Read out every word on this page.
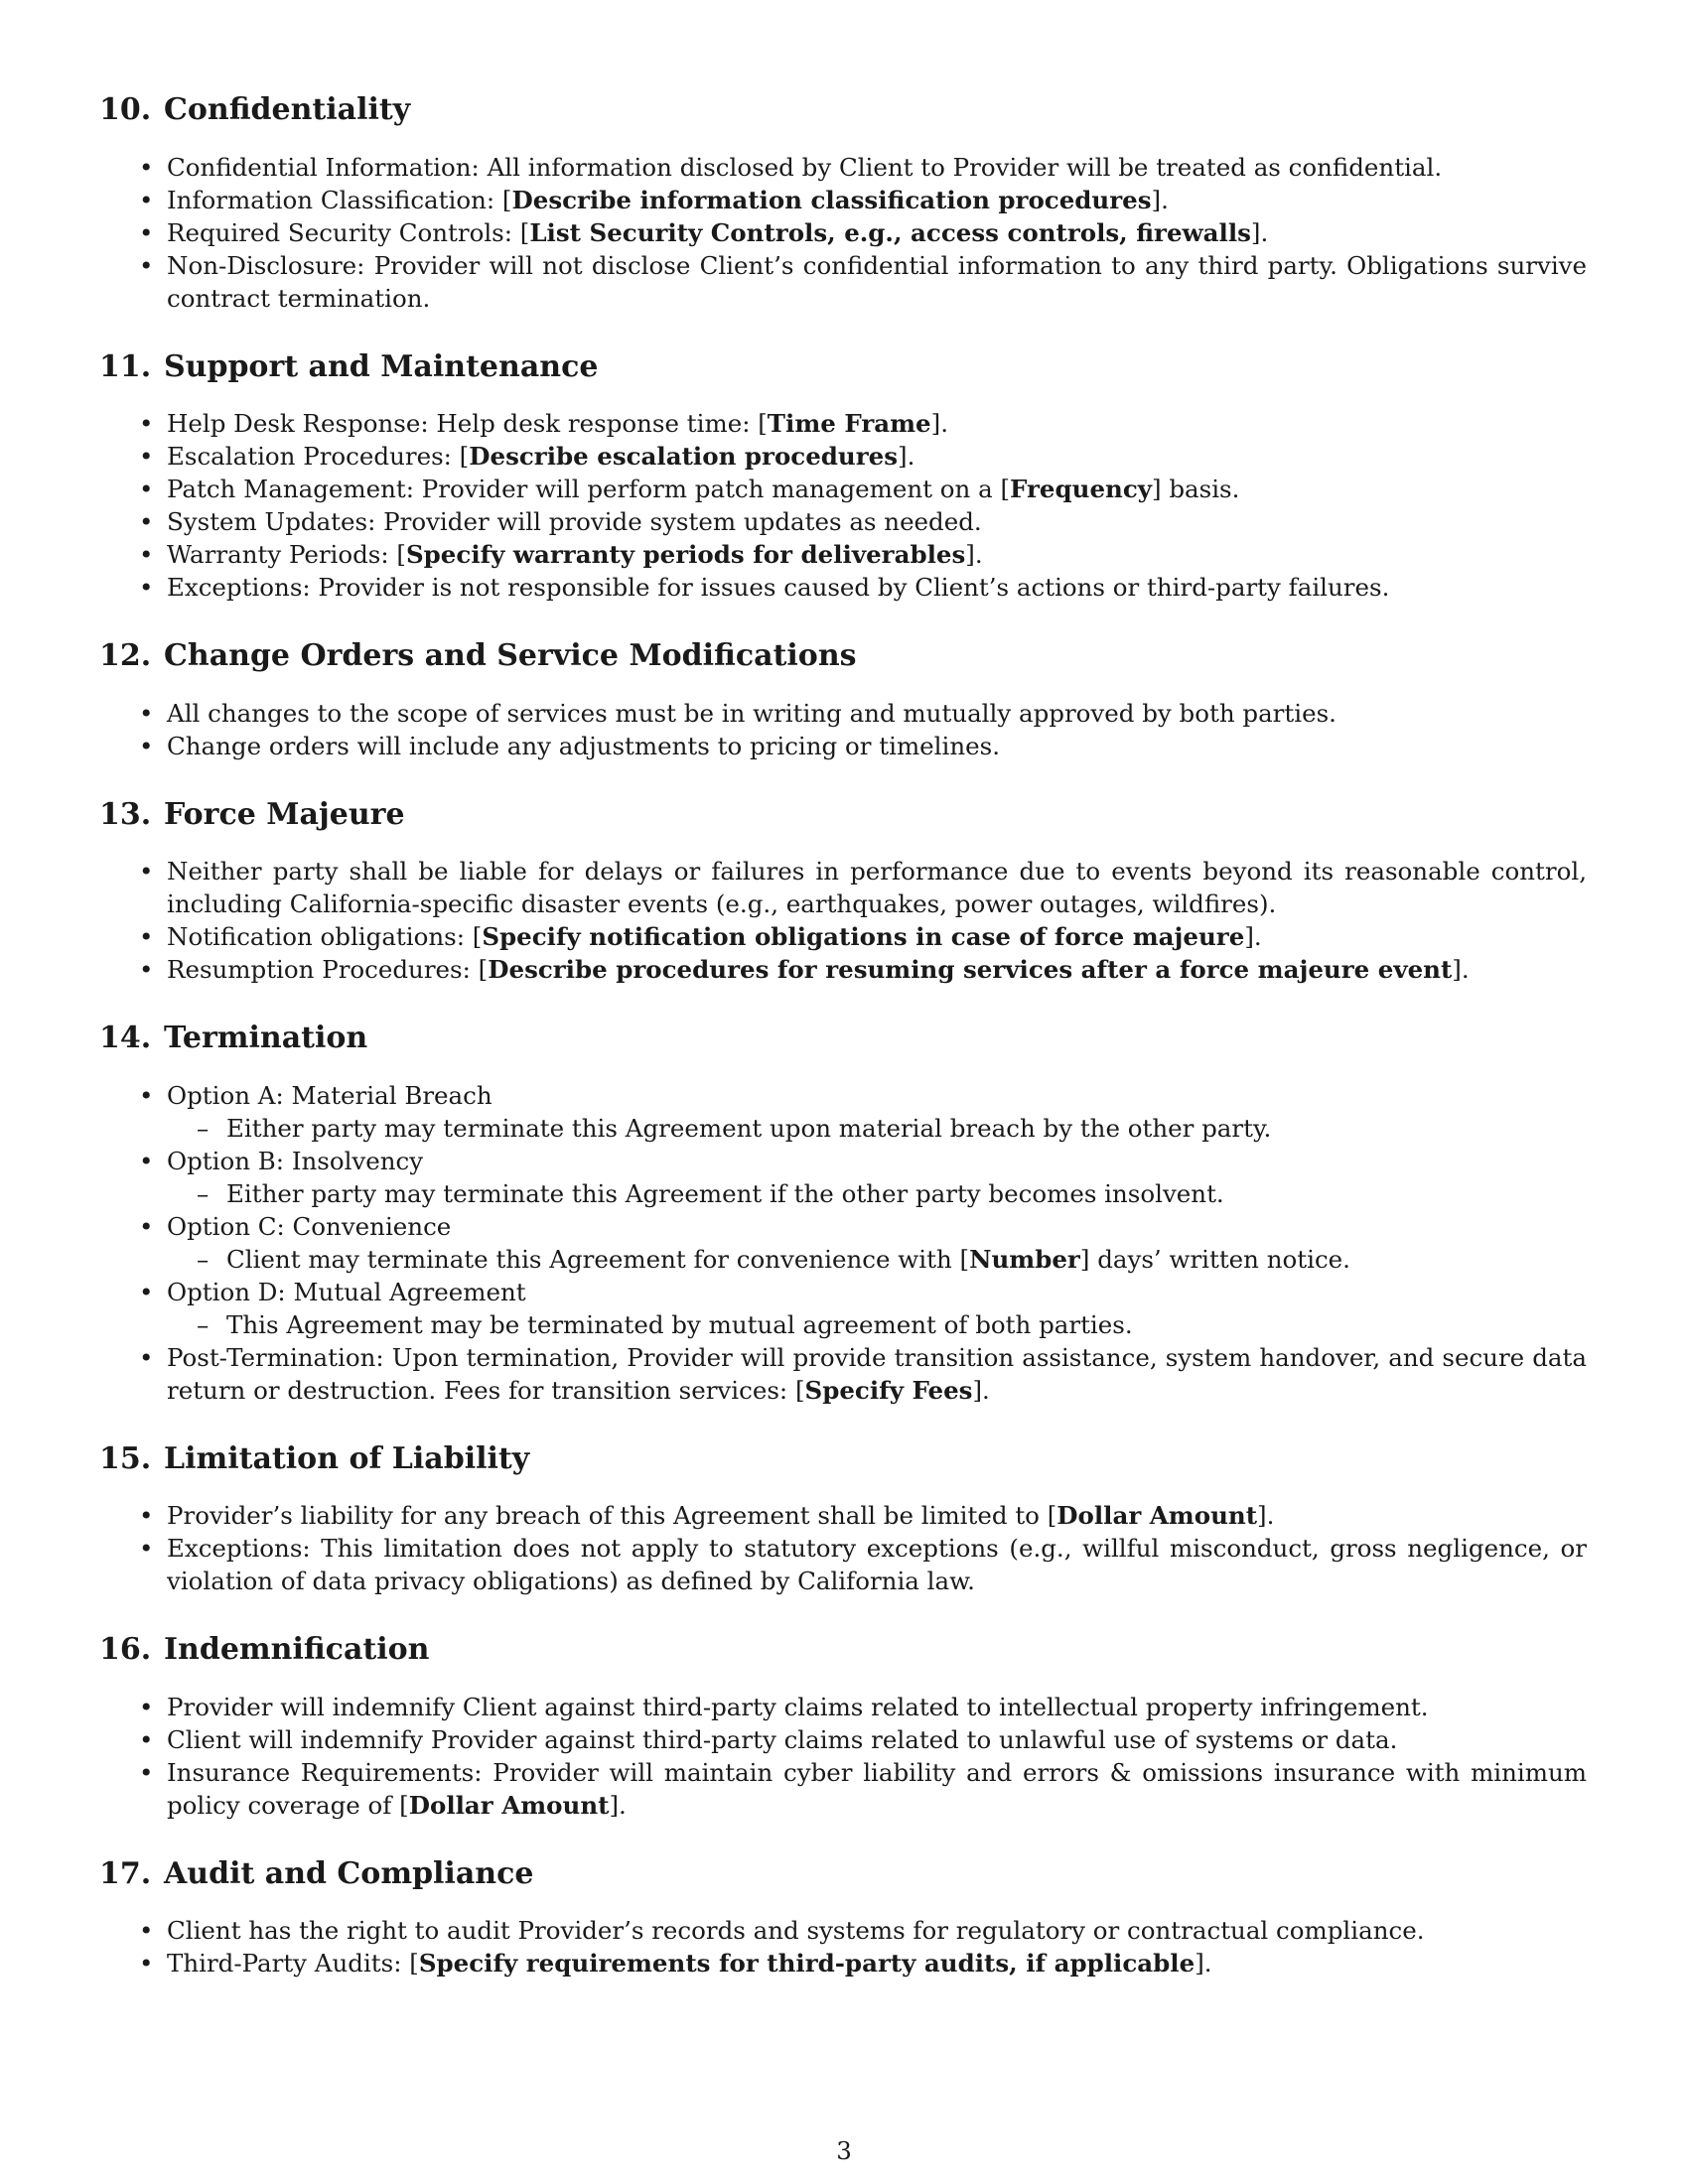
10. Confidentiality
• Confidential Information: All information disclosed by Client to Provider will be treated as confidential.
• Information Classification: [Describe information classification procedures].
• Required Security Controls: [List Security Controls, e.g., access controls, firewalls].
• Non-Disclosure: Provider will not disclose Client’s confidential information to any third party. Obligations survive contract termination.
11. Support and Maintenance
• Help Desk Response: Help desk response time: [Time Frame].
• Escalation Procedures: [Describe escalation procedures].
• Patch Management: Provider will perform patch management on a [Frequency] basis.
• System Updates: Provider will provide system updates as needed.
• Warranty Periods: [Specify warranty periods for deliverables].
• Exceptions: Provider is not responsible for issues caused by Client’s actions or third-party failures.
12. Change Orders and Service Modifications
• All changes to the scope of services must be in writing and mutually approved by both parties.
• Change orders will include any adjustments to pricing or timelines.
13. Force Majeure
• Neither party shall be liable for delays or failures in performance due to events beyond its reasonable control, including California-specific disaster events (e.g., earthquakes, power outages, wildfires).
• Notification obligations: [Specify notification obligations in case of force majeure].
• Resumption Procedures: [Describe procedures for resuming services after a force majeure event].
14. Termination
• Option A: Material Breach
– Either party may terminate this Agreement upon material breach by the other party.
• Option B: Insolvency
– Either party may terminate this Agreement if the other party becomes insolvent.
• Option C: Convenience
– Client may terminate this Agreement for convenience with [Number] days’ written notice.
• Option D: Mutual Agreement
– This Agreement may be terminated by mutual agreement of both parties.
• Post-Termination: Upon termination, Provider will provide transition assistance, system handover, and secure data return or destruction. Fees for transition services: [Specify Fees].
15. Limitation of Liability
• Provider’s liability for any breach of this Agreement shall be limited to [Dollar Amount].
• Exceptions: This limitation does not apply to statutory exceptions (e.g., willful misconduct, gross negligence, or violation of data privacy obligations) as defined by California law.
16. Indemnification
• Provider will indemnify Client against third-party claims related to intellectual property infringement.
• Client will indemnify Provider against third-party claims related to unlawful use of systems or data.
• Insurance Requirements: Provider will maintain cyber liability and errors & omissions insurance with minimum policy coverage of [Dollar Amount].
17. Audit and Compliance
• Client has the right to audit Provider’s records and systems for regulatory or contractual compliance.
• Third-Party Audits: [Specify requirements for third-party audits, if applicable].
3
